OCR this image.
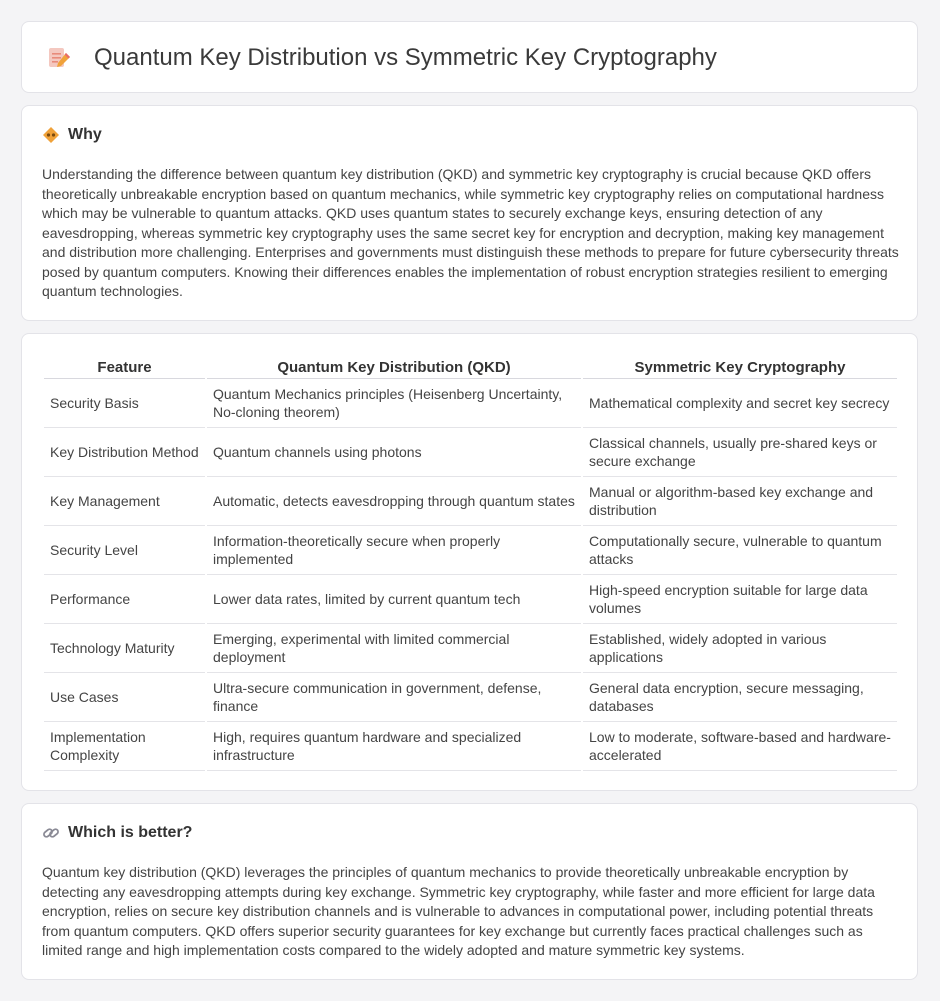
Quantum Key Distribution vs Symmetric Key Cryptography
Why

Understanding the difference between quantum key distribution (QKD) and symmetric key cryptography is crucial because QKD offers theoretically unbreakable encryption based on quantum mechanics, while symmetric key cryptography relies on computational hardness which may be vulnerable to quantum attacks. QKD uses quantum states to securely exchange keys, ensuring detection of any eavesdropping, whereas symmetric key cryptography uses the same secret key for encryption and decryption, making key management and distribution more challenging. Enterprises and governments must distinguish these methods to prepare for future cybersecurity threats posed by quantum computers. Knowing their differences enables the implementation of robust encryption strategies resilient to emerging quantum technologies.

Feature	Quantum Key Distribution (QKD)	Symmetric Key Cryptography
Security Basis	Quantum Mechanics principles (Heisenberg Uncertainty, No-cloning theorem)	Mathematical complexity and secret key secrecy
Key Distribution Method	Quantum channels using photons	Classical channels, usually pre-shared keys or secure exchange
Key Management	Automatic, detects eavesdropping through quantum states	Manual or algorithm-based key exchange and distribution
Security Level	Information-theoretically secure when properly implemented	Computationally secure, vulnerable to quantum attacks
Performance	Lower data rates, limited by current quantum tech	High-speed encryption suitable for large data volumes
Technology Maturity	Emerging, experimental with limited commercial deployment	Established, widely adopted in various applications
Use Cases	Ultra-secure communication in government, defense, finance	General data encryption, secure messaging, databases
Implementation Complexity	High, requires quantum hardware and specialized infrastructure	Low to moderate, software-based and hardware-accelerated
Which is better?

Quantum key distribution (QKD) leverages the principles of quantum mechanics to provide theoretically unbreakable encryption by detecting any eavesdropping attempts during key exchange. Symmetric key cryptography, while faster and more efficient for large data encryption, relies on secure key distribution channels and is vulnerable to advances in computational power, including potential threats from quantum computers. QKD offers superior security guarantees for key exchange but currently faces practical challenges such as limited range and high implementation costs compared to the widely adopted and mature symmetric key systems.
